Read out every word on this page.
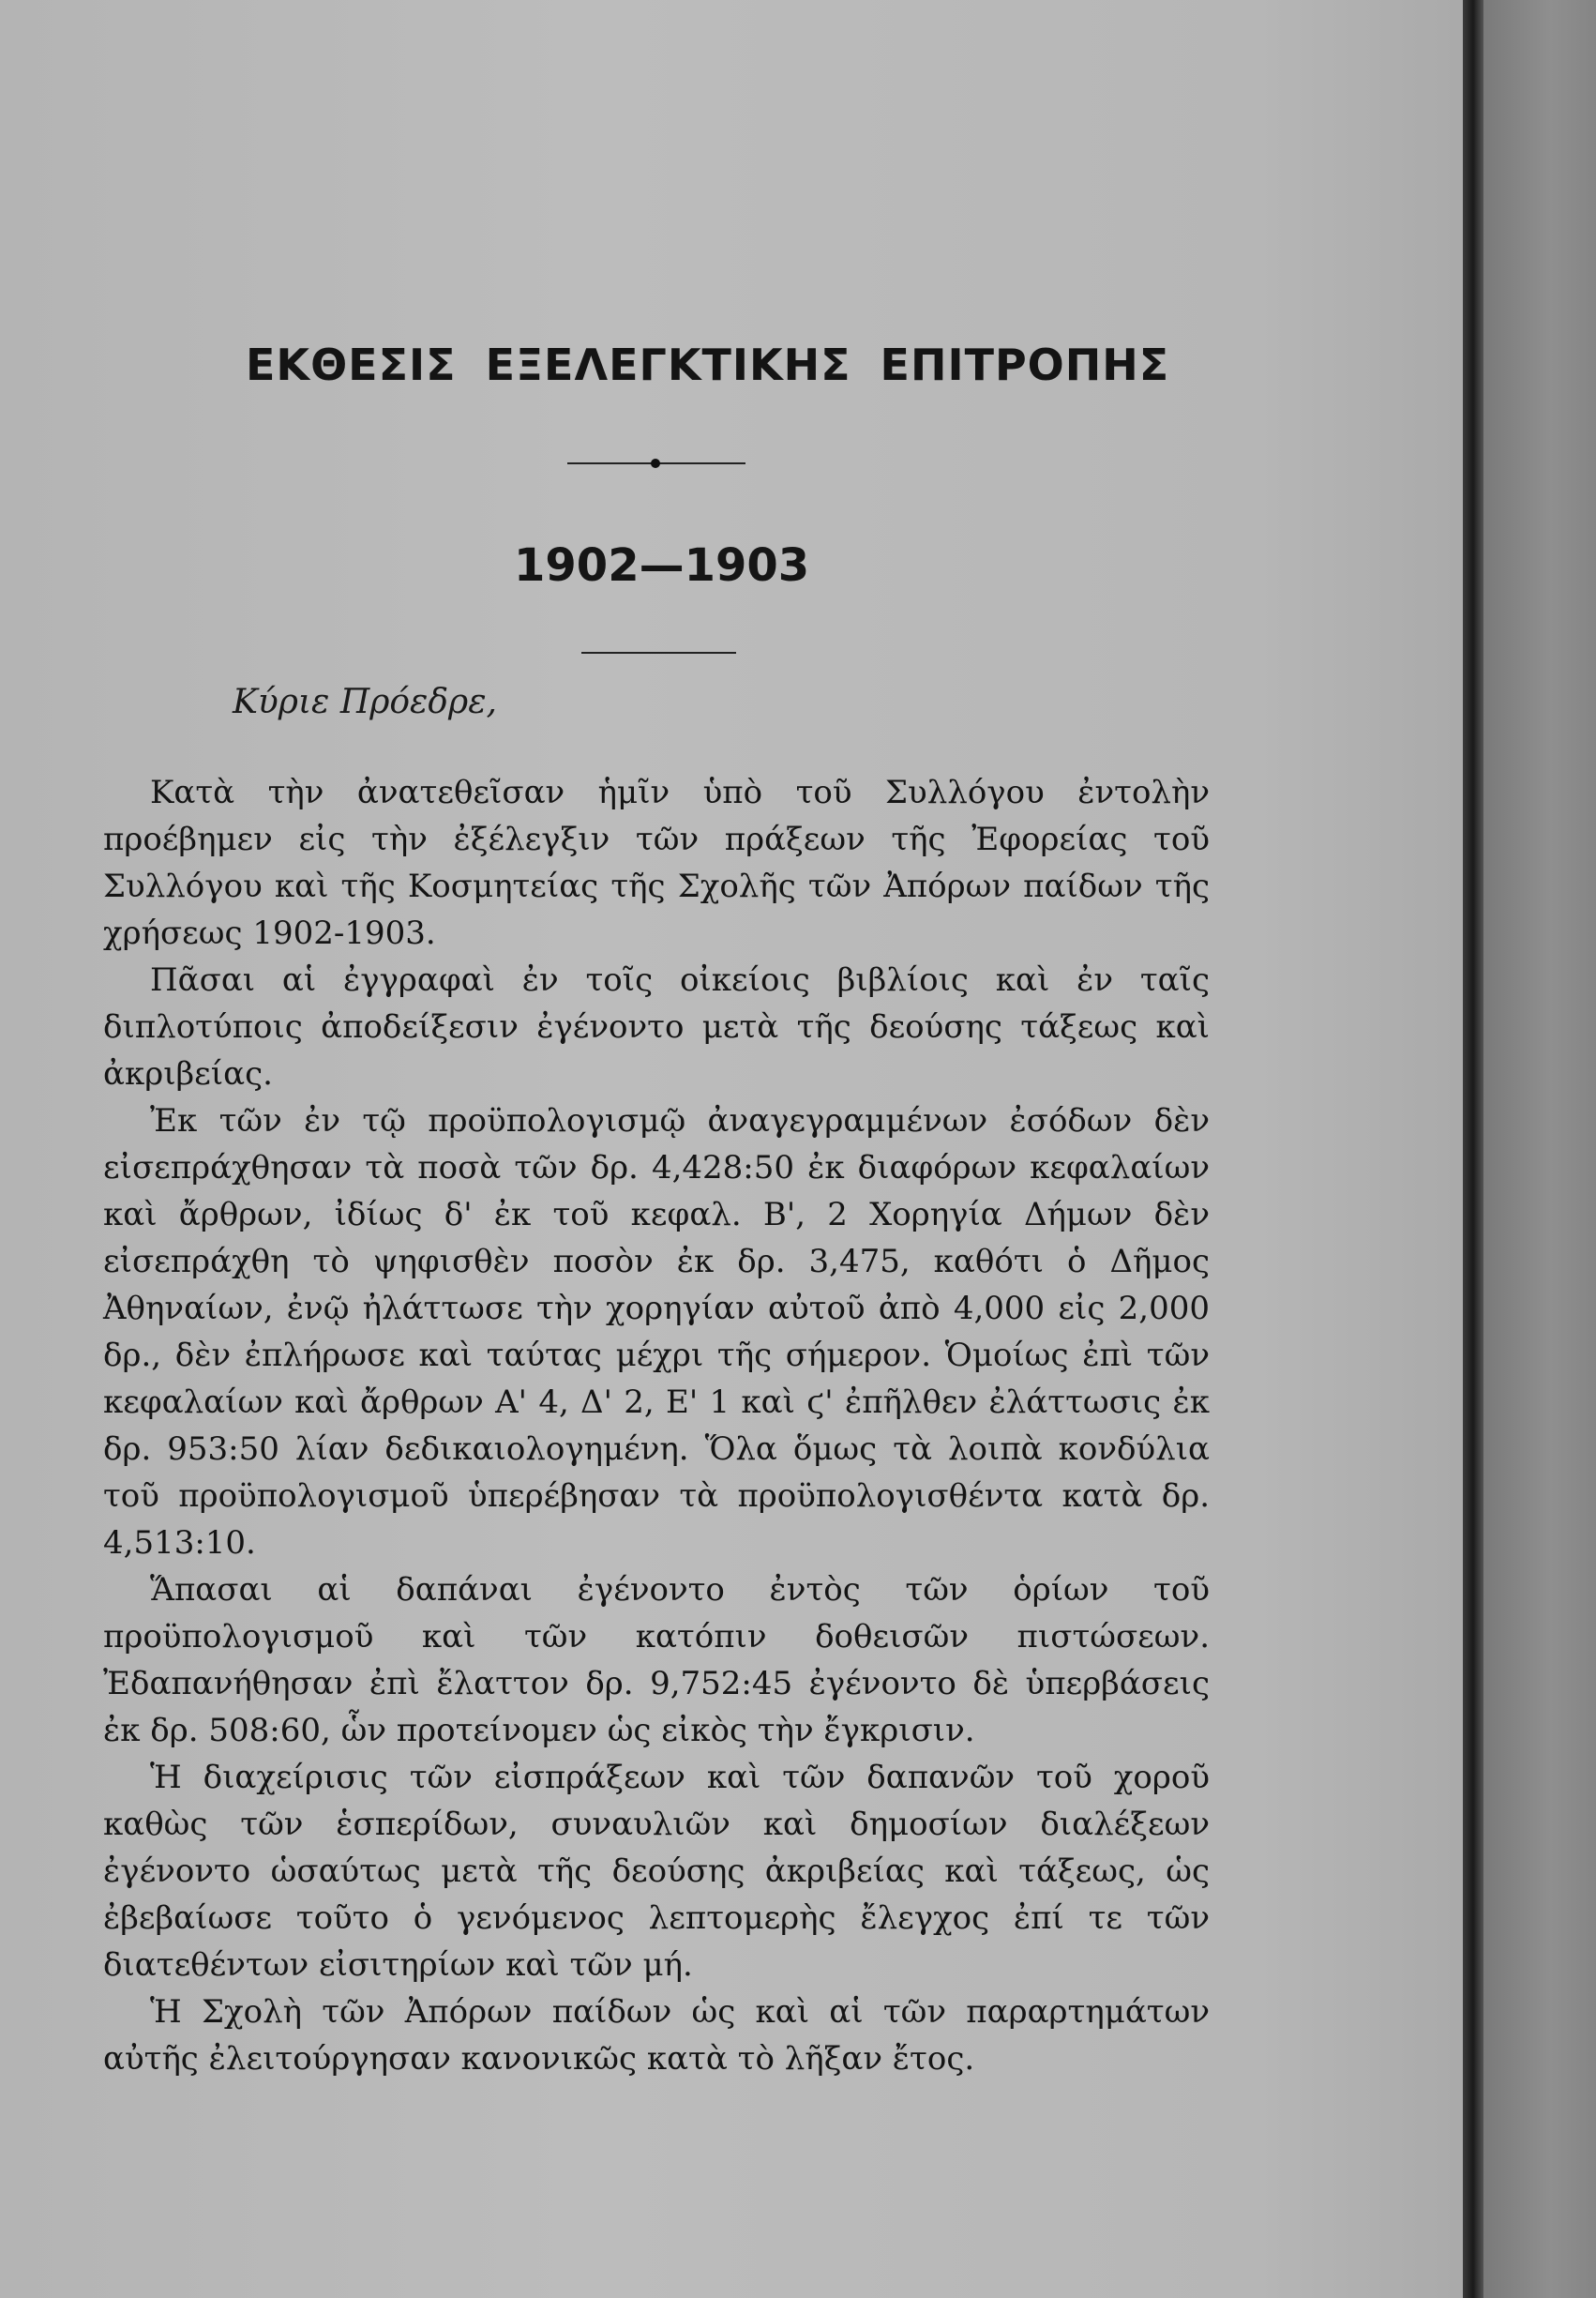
ΕΚΘΕΣΙΣ ΕΞΕΛΕΓΚΤΙΚΗΣ ΕΠΙΤΡΟΠΗΣ
1902—1903
Κύριε Πρόεδρε,

Κατὰ τὴν ἀνατεθεῖσαν ἡμῖν ὑπὸ τοῦ Συλλόγου ἐντολὴν προέβημεν εἰς τὴν ἐξέλεγξιν τῶν πράξεων τῆς Ἐφορείας τοῦ Συλλόγου καὶ τῆς Κοσμητείας τῆς Σχολῆς τῶν Ἀπόρων παίδων τῆς χρήσεως 1902-1903.

Πᾶσαι αἱ ἐγγραφαὶ ἐν τοῖς οἰκείοις βιβλίοις καὶ ἐν ταῖς διπλοτύποις ἀποδείξεσιν ἐγένοντο μετὰ τῆς δεούσης τάξεως καὶ ἀκριβείας.

Ἐκ τῶν ἐν τῷ προϋπολογισμῷ ἀναγεγραμμένων ἐσόδων δὲν εἰσεπράχθησαν τὰ ποσὰ τῶν δρ. 4,428:50 ἐκ διαφόρων κεφαλαίων καὶ ἄρθρων, ἰδίως δ' ἐκ τοῦ κεφαλ. Β', 2 Χορηγία Δήμων δὲν εἰσεπράχθη τὸ ψηφισθὲν ποσὸν ἐκ δρ. 3,475, καθότι ὁ Δῆμος Ἀθηναίων, ἐνῷ ἠλάττωσε τὴν χορηγίαν αὐτοῦ ἀπὸ 4,000 εἰς 2,000 δρ., δὲν ἐπλήρωσε καὶ ταύτας μέχρι τῆς σήμερον. Ὁμοίως ἐπὶ τῶν κεφαλαίων καὶ ἄρθρων Α' 4, Δ' 2, Ε' 1 καὶ ϛ' ἐπῆλθεν ἐλάττωσις ἐκ δρ. 953:50 λίαν δεδικαιολογημένη. Ὅλα ὅμως τὰ λοιπὰ κονδύλια τοῦ προϋπολογισμοῦ ὑπερέβησαν τὰ προϋπολογισθέντα κατὰ δρ. 4,513:10.

Ἅπασαι αἱ δαπάναι ἐγένοντο ἐντὸς τῶν ὁρίων τοῦ προϋπολογισμοῦ καὶ τῶν κατόπιν δοθεισῶν πιστώσεων. Ἐδαπανήθησαν ἐπὶ ἔλαττον δρ. 9,752:45 ἐγένοντο δὲ ὑπερβάσεις ἐκ δρ. 508:60, ὧν προτείνομεν ὡς εἰκὸς τὴν ἔγκρισιν.

Ἡ διαχείρισις τῶν εἰσπράξεων καὶ τῶν δαπανῶν τοῦ χοροῦ καθὼς τῶν ἑσπερίδων, συναυλιῶν καὶ δημοσίων διαλέξεων ἐγένοντο ὡσαύτως μετὰ τῆς δεούσης ἀκριβείας καὶ τάξεως, ὡς ἐβεβαίωσε τοῦτο ὁ γενόμενος λεπτομερὴς ἔλεγχος ἐπί τε τῶν διατεθέντων εἰσιτηρίων καὶ τῶν μή.

Ἡ Σχολὴ τῶν Ἀπόρων παίδων ὡς καὶ αἱ τῶν παραρτημάτων αὐτῆς ἐλειτούργησαν κανονικῶς κατὰ τὸ λῆξαν ἔτος.
